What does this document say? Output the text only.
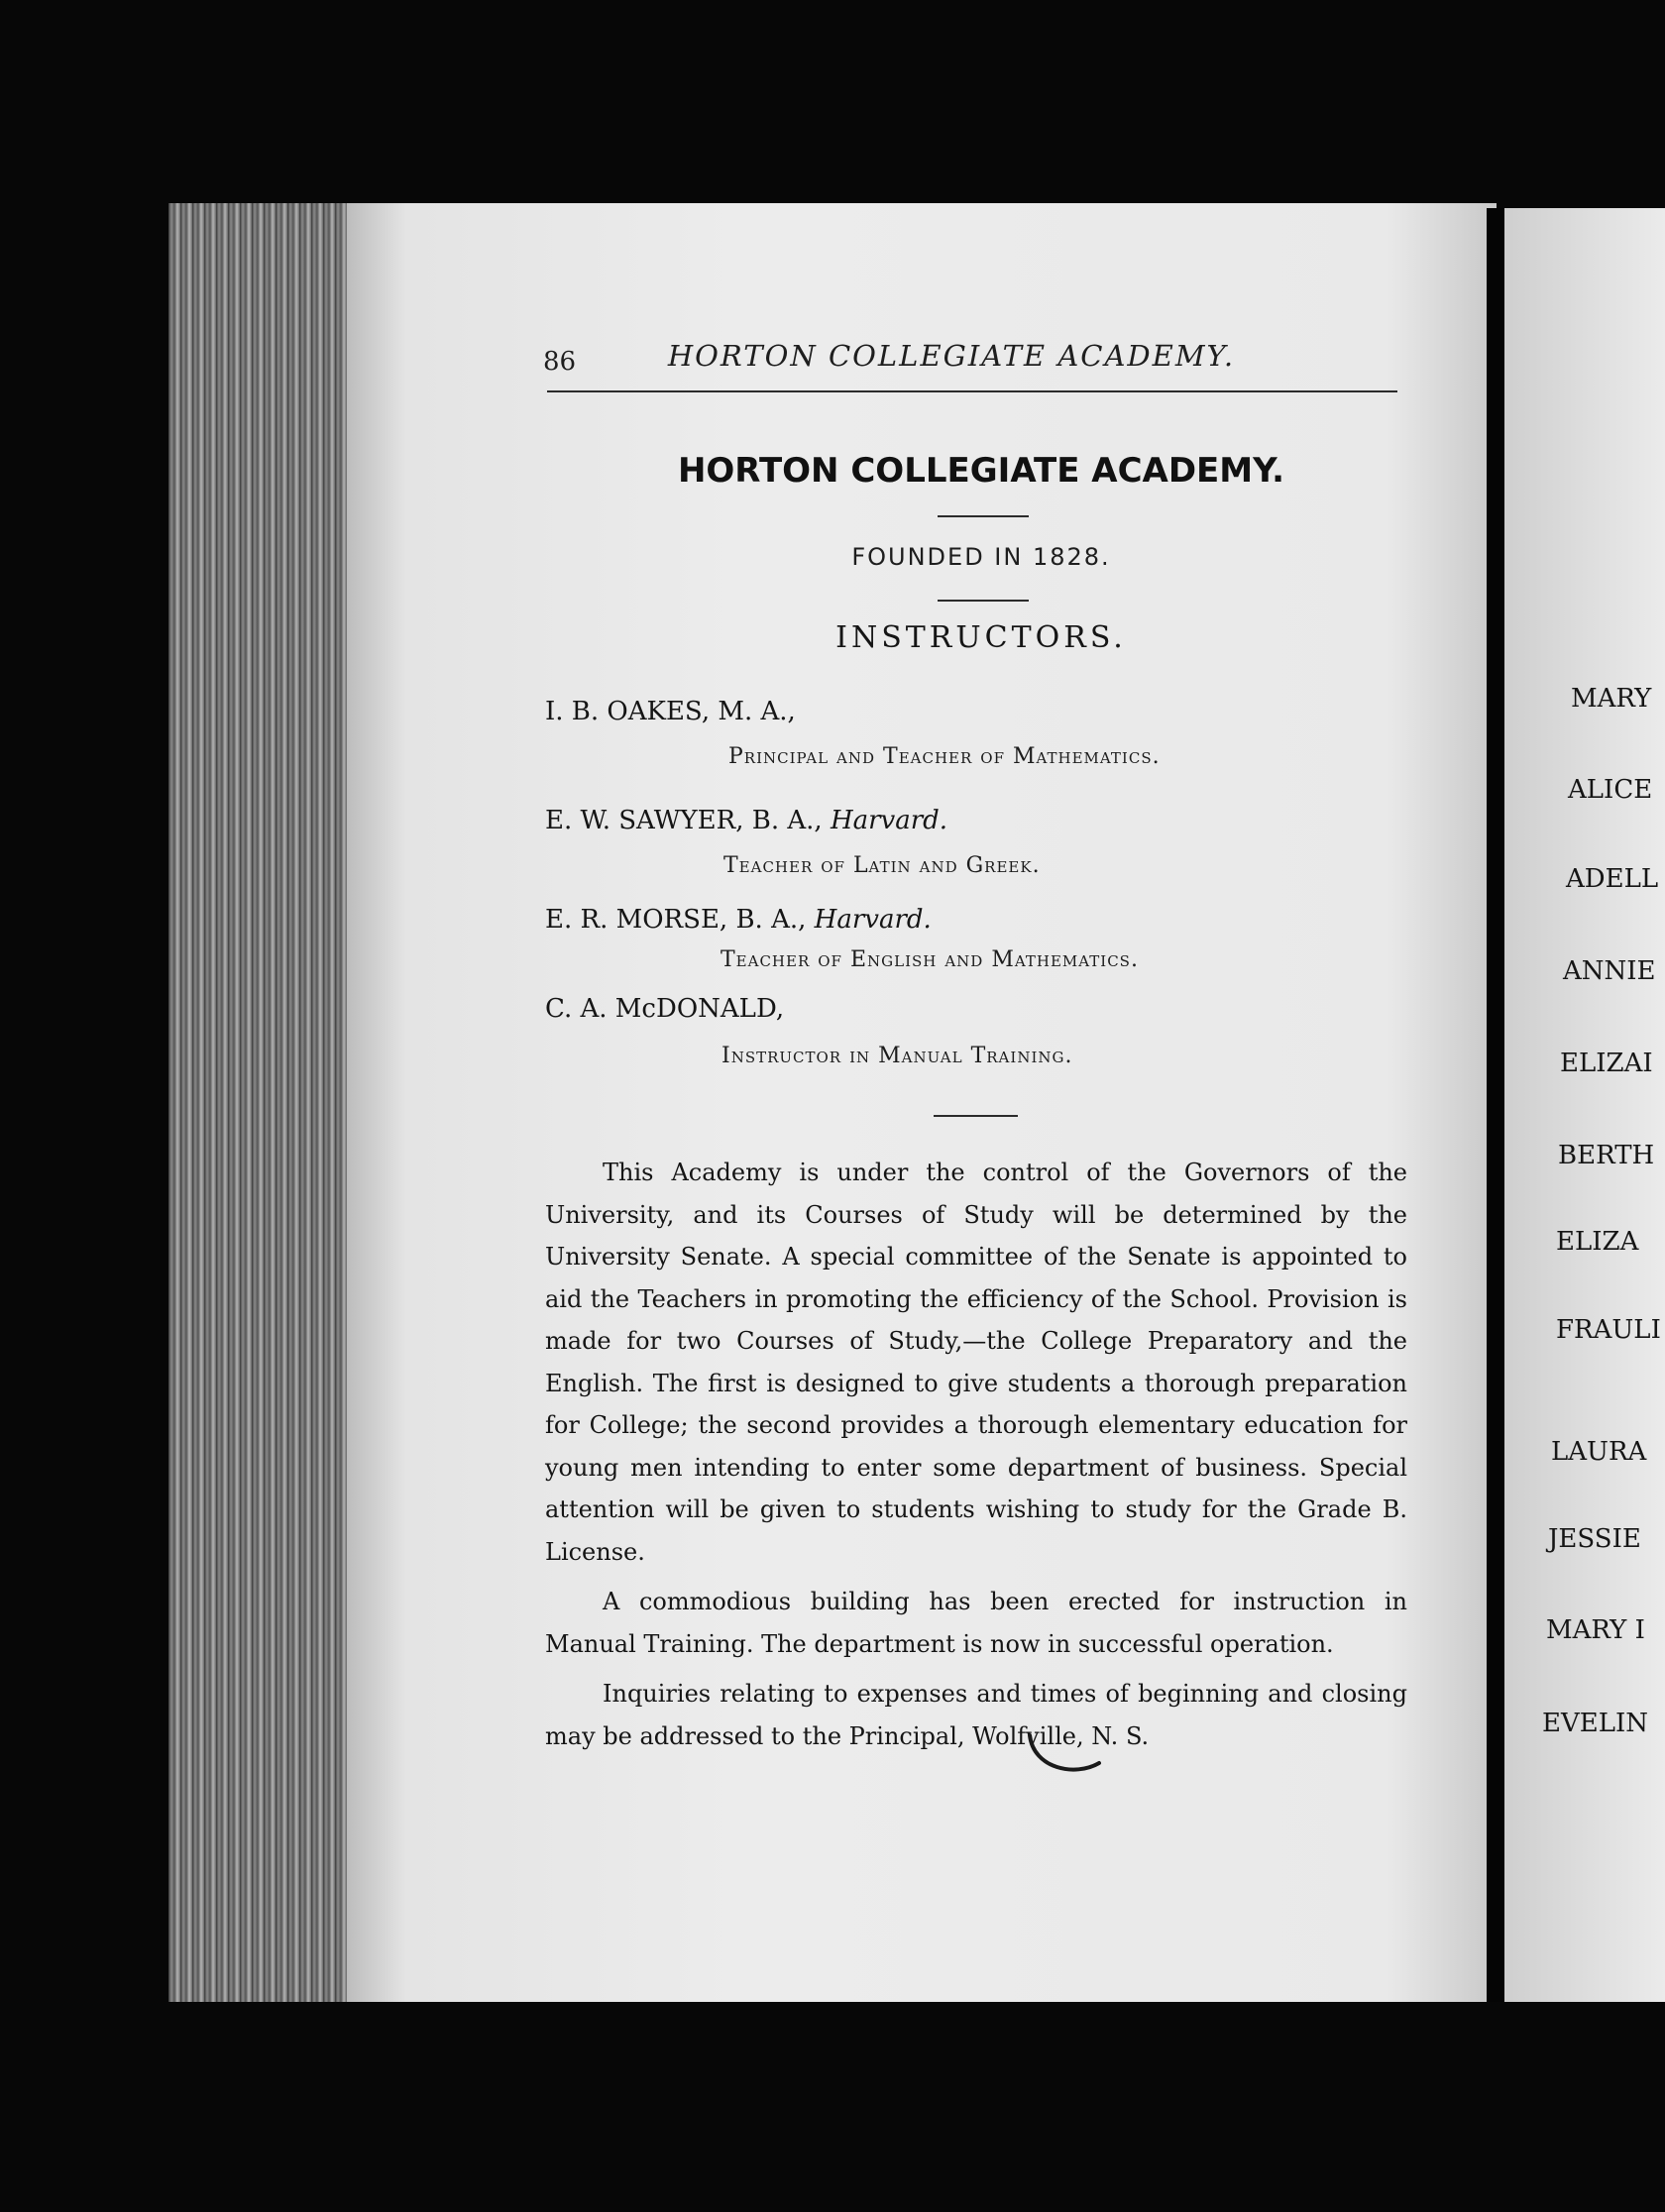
86	HORTON COLLEGIATE ACADEMY.
HORTON COLLEGIATE ACADEMY.
FOUNDED IN 1828.
INSTRUCTORS.
I. B. OAKES, M. A.,
Principal and Teacher of Mathematics.
E. W. SAWYER, B. A., Harvard.
Teacher of Latin and Greek.
E. R. MORSE, B. A., Harvard.
Teacher of English and Mathematics.
C. A. McDONALD,
Instructor in Manual Training.

This Academy is under the control of the Governors of the University, and its Courses of Study will be determined by the University Senate. A special committee of the Senate is appointed to aid the Teachers in promoting the efficiency of the School. Provision is made for two Courses of Study,—the College Preparatory and the English. The first is designed to give students a thorough preparation for College; the second provides a thorough elementary education for young men intending to enter some department of business. Special attention will be given to students wishing to study for the Grade B. License.

A commodious building has been erected for instruction in Manual Training. The department is now in successful operation.

Inquiries relating to expenses and times of beginning and closing may be addressed to the Principal, Wolfville, N. S.

MARY
ALICE
ADELL
ANNIE
ELIZAI
BERTH
ELIZA
FRAULI
LAURA
JESSIE
MARY I
EVELIN
